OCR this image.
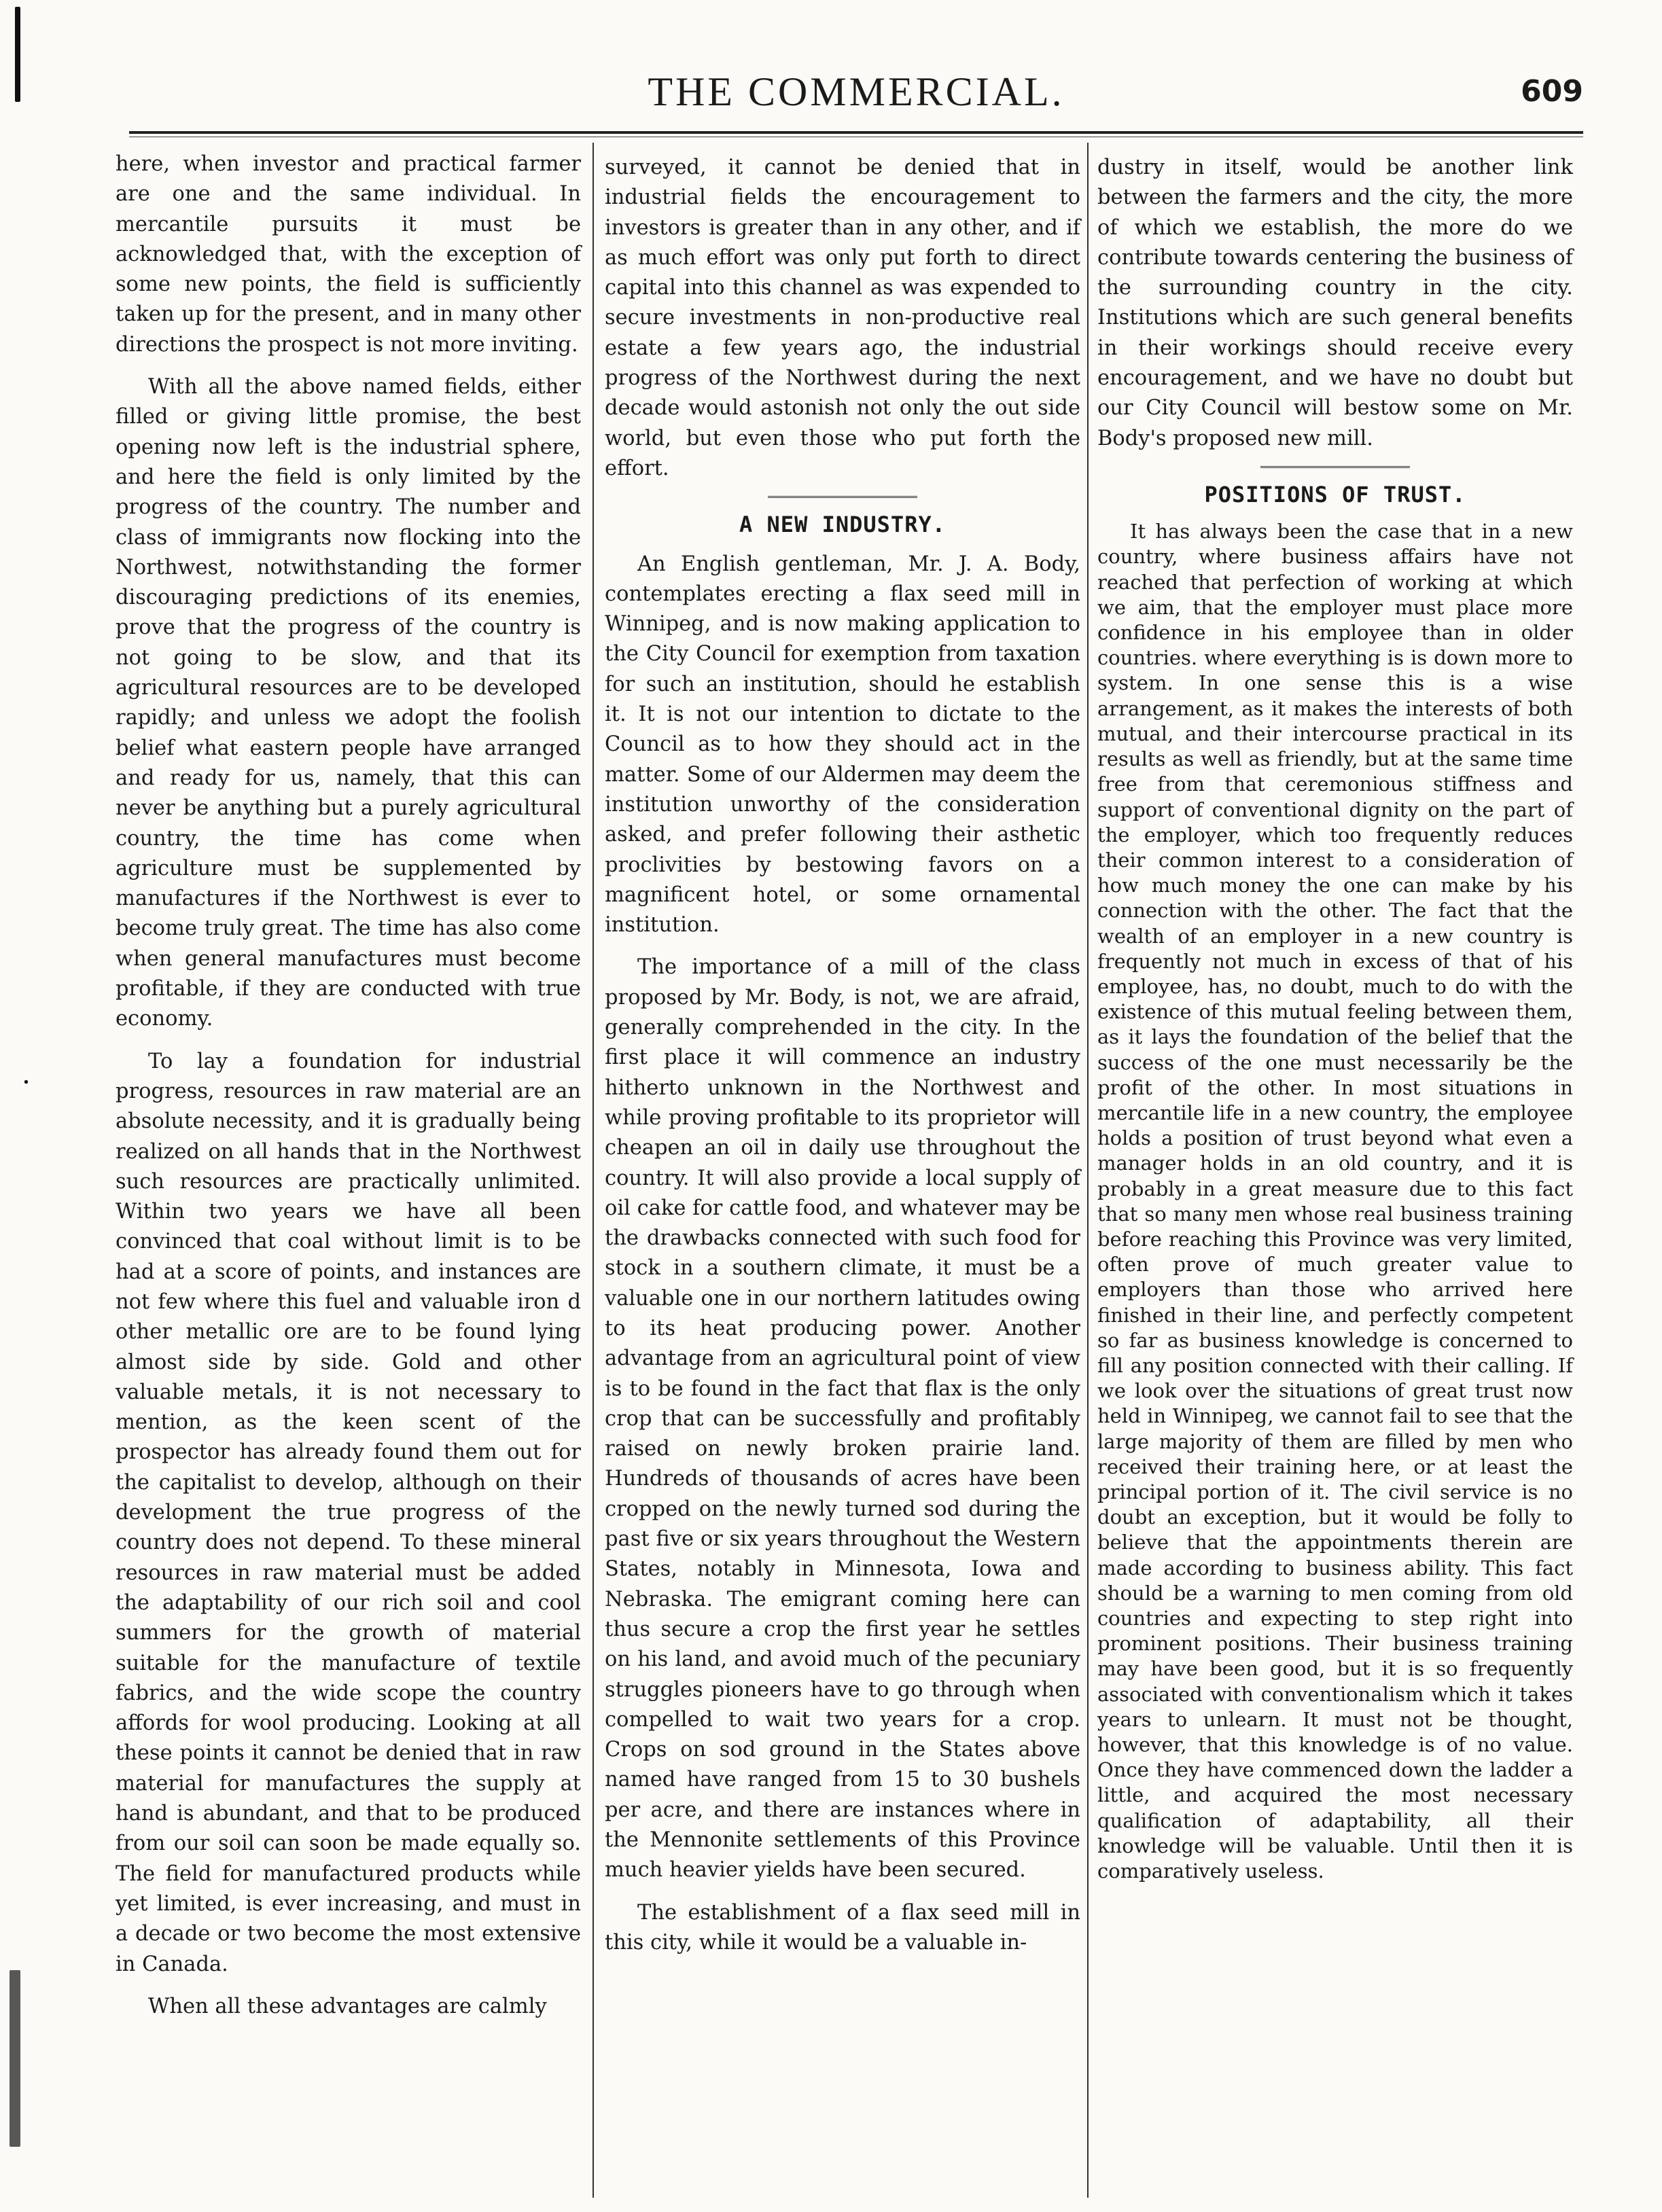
THE COMMERCIAL.	609

here, when investor and practical farmer are one and the same individual. In mercantile pursuits it must be acknowledged that, with the exception of some new points, the field is sufficiently taken up for the present, and in many other directions the prospect is not more inviting.

With all the above named fields, either filled or giving little promise, the best opening now left is the industrial sphere, and here the field is only limited by the progress of the country. The number and class of immigrants now flocking into the Northwest, notwithstanding the former discouraging predictions of its enemies, prove that the progress of the country is not going to be slow, and that its agricultural resources are to be developed rapidly; and unless we adopt the foolish belief what eastern people have arranged and ready for us, namely, that this can never be anything but a purely agricultural country, the time has come when agriculture must be supplemented by manufactures if the Northwest is ever to become truly great. The time has also come when general manufactures must become profitable, if they are conducted with true economy.

To lay a foundation for industrial progress, resources in raw material are an absolute necessity, and it is gradually being realized on all hands that in the Northwest such resources are practically unlimited. Within two years we have all been convinced that coal without limit is to be had at a score of points, and instances are not few where this fuel and valuable iron d other metallic ore are to be found lying almost side by side. Gold and other valuable metals, it is not necessary to mention, as the keen scent of the prospector has already found them out for the capitalist to develop, although on their development the true progress of the country does not depend. To these mineral resources in raw material must be added the adaptability of our rich soil and cool summers for the growth of material suitable for the manufacture of textile fabrics, and the wide scope the country affords for wool producing. Looking at all these points it cannot be denied that in raw material for manufactures the supply at hand is abundant, and that to be produced from our soil can soon be made equally so. The field for manufactured products while yet limited, is ever increasing, and must in a decade or two become the most extensive in Canada.

When all these advantages are calmly

surveyed, it cannot be denied that in industrial fields the encouragement to investors is greater than in any other, and if as much effort was only put forth to direct capital into this channel as was expended to secure investments in non-productive real estate a few years ago, the industrial progress of the Northwest during the next decade would astonish not only the out side world, but even those who put forth the effort.

A NEW INDUSTRY.

An English gentleman, Mr. J. A. Body, contemplates erecting a flax seed mill in Winnipeg, and is now making application to the City Council for exemption from taxation for such an institution, should he establish it. It is not our intention to dictate to the Council as to how they should act in the matter. Some of our Aldermen may deem the institution unworthy of the consideration asked, and prefer following their asthetic proclivities by bestowing favors on a magnificent hotel, or some ornamental institution.

The importance of a mill of the class proposed by Mr. Body, is not, we are afraid, generally comprehended in the city. In the first place it will commence an industry hitherto unknown in the Northwest and while proving profitable to its proprietor will cheapen an oil in daily use throughout the country. It will also provide a local supply of oil cake for cattle food, and whatever may be the drawbacks connected with such food for stock in a southern climate, it must be a valuable one in our northern latitudes owing to its heat producing power. Another advantage from an agricultural point of view is to be found in the fact that flax is the only crop that can be successfully and profitably raised on newly broken prairie land. Hundreds of thousands of acres have been cropped on the newly turned sod during the past five or six years throughout the Western States, notably in Minnesota, Iowa and Nebraska. The emigrant coming here can thus secure a crop the first year he settles on his land, and avoid much of the pecuniary struggles pioneers have to go through when compelled to wait two years for a crop. Crops on sod ground in the States above named have ranged from 15 to 30 bushels per acre, and there are instances where in the Mennonite settlements of this Province much heavier yields have been secured.

The establishment of a flax seed mill in this city, while it would be a valuable in-

dustry in itself, would be another link between the farmers and the city, the more of which we establish, the more do we contribute towards centering the business of the surrounding country in the city. Institutions which are such general benefits in their workings should receive every encouragement, and we have no doubt but our City Council will bestow some on Mr. Body's proposed new mill.

POSITIONS OF TRUST.

It has always been the case that in a new country, where business affairs have not reached that perfection of working at which we aim, that the employer must place more confidence in his employee than in older countries. where everything is is down more to system. In one sense this is a wise arrangement, as it makes the interests of both mutual, and their intercourse practical in its results as well as friendly, but at the same time free from that ceremonious stiffness and support of conventional dignity on the part of the employer, which too frequently reduces their common interest to a consideration of how much money the one can make by his connection with the other. The fact that the wealth of an employer in a new country is frequently not much in excess of that of his employee, has, no doubt, much to do with the existence of this mutual feeling between them, as it lays the foundation of the belief that the success of the one must necessarily be the profit of the other. In most situations in mercantile life in a new country, the employee holds a position of trust beyond what even a manager holds in an old country, and it is probably in a great measure due to this fact that so many men whose real business training before reaching this Province was very limited, often prove of much greater value to employers than those who arrived here finished in their line, and perfectly competent so far as business knowledge is concerned to fill any position connected with their calling. If we look over the situations of great trust now held in Winnipeg, we cannot fail to see that the large majority of them are filled by men who received their training here, or at least the principal portion of it. The civil service is no doubt an exception, but it would be folly to believe that the appointments therein are made according to business ability. This fact should be a warning to men coming from old countries and expecting to step right into prominent positions. Their business training may have been good, but it is so frequently associated with conventionalism which it takes years to unlearn. It must not be thought, however, that this knowledge is of no value. Once they have commenced down the ladder a little, and acquired the most necessary qualification of adaptability, all their knowledge will be valuable. Until then it is comparatively useless.
